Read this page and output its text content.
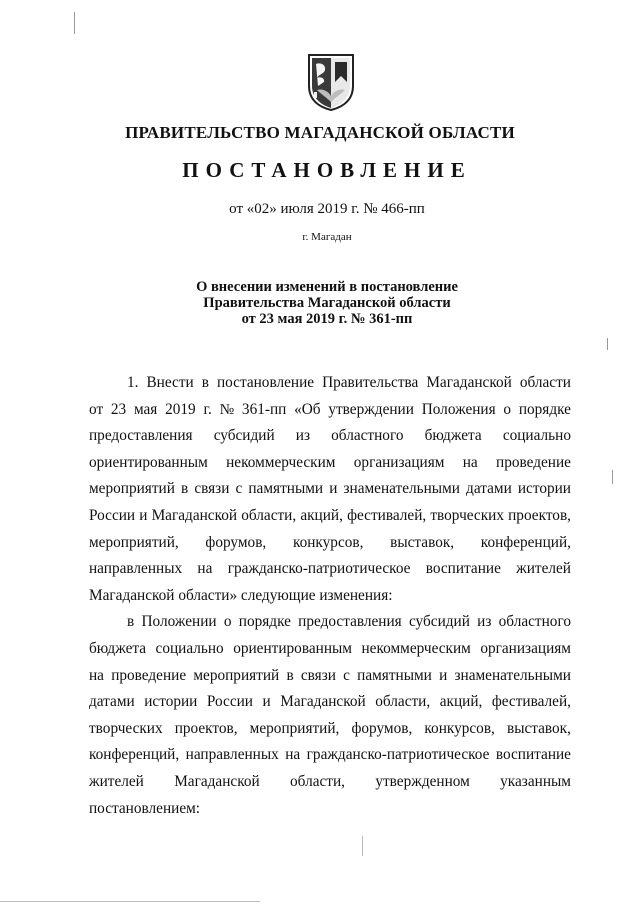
ПРАВИТЕЛЬСТВО МАГАДАНСКОЙ ОБЛАСТИ
ПОСТАНОВЛЕНИЕ
от «02» июля 2019 г. № 466-пп
г. Магадан
О внесении изменений в постановление
Правительства Магаданской области
от 23 мая 2019 г. № 361-пп
1. Внести в постановление Правительства Магаданской области
от 23 мая 2019 г. № 361-пп «Об утверждении Положения о порядке
предоставления субсидий из областного бюджета социально
ориентированным некоммерческим организациям на проведение
мероприятий в связи с памятными и знаменательными датами истории
России и Магаданской области, акций, фестивалей, творческих проектов,
мероприятий, форумов, конкурсов, выставок, конференций,
направленных на гражданско-патриотическое воспитание жителей
Магаданской области» следующие изменения:
в Положении о порядке предоставления субсидий из областного
бюджета социально ориентированным некоммерческим организациям
на проведение мероприятий в связи с памятными и знаменательными
датами истории России и Магаданской области, акций, фестивалей,
творческих проектов, мероприятий, форумов, конкурсов, выставок,
конференций, направленных на гражданско-патриотическое воспитание
жителей Магаданской области, утвержденном указанным
постановлением:
